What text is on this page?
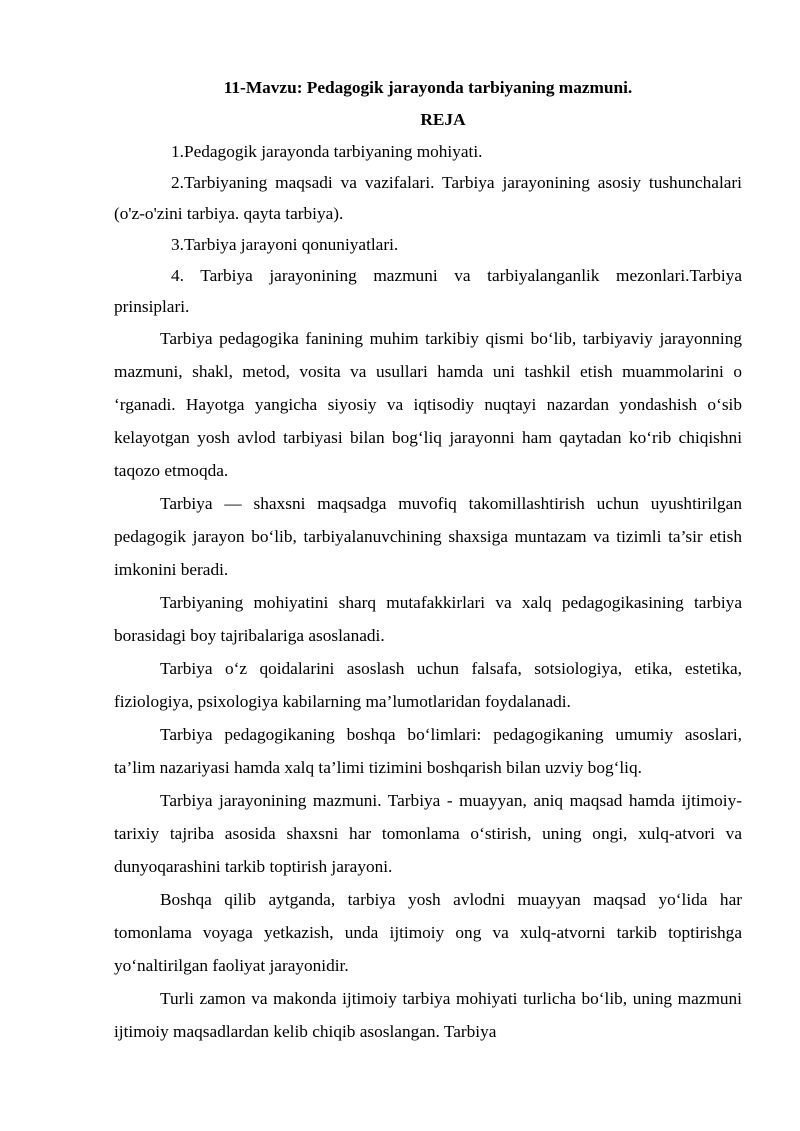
11-Mavzu: Pedagogik jarayonda tarbiyaning mazmuni.

REJA

1.Pedagogik jarayonda tarbiyaning mohiyati.

2.Tarbiyaning maqsadi va vazifalari. Tarbiya jarayonining asosiy tushunchalari (o'z-o'zini tarbiya. qayta tarbiya).

3.Tarbiya jarayoni qonuniyatlari.

4. Tarbiya jarayonining mazmuni va tarbiyalanganlik mezonlari.Tarbiya prinsiplari.

Tarbiya pedagogika fanining muhim tarkibiy qismi bo‘lib, tarbiyaviy jarayonning mazmuni, shakl, metod, vosita va usullari hamda uni tashkil etish muammolarini o ‘rganadi. Hayotga yangicha siyosiy va iqtisodiy nuqtayi nazardan yondashish o‘sib kelayotgan yosh avlod tarbiyasi bilan bog‘liq jarayonni ham qaytadan ko‘rib chiqishni taqozo etmoqda.

Tarbiya — shaxsni maqsadga muvofiq takomillashtirish uchun uyushtirilgan pedagogik jarayon bo‘lib, tarbiyalanuvchining shaxsiga muntazam va tizimli ta’sir etish imkonini beradi.

Tarbiyaning mohiyatini sharq mutafakkirlari va xalq pedagogikasining tarbiya borasidagi boy tajribalariga asoslanadi.

Tarbiya o‘z qoidalarini asoslash uchun falsafa, sotsiologiya, etika, estetika, fiziologiya, psixologiya kabilarning ma’lumotlaridan foydalanadi.

Tarbiya pedagogikaning boshqa bo‘limlari: pedagogikaning umumiy asoslari, ta’lim nazariyasi hamda xalq ta’limi tizimini boshqarish bilan uzviy bog‘liq.

Tarbiya jarayonining mazmuni. Tarbiya - muayyan, aniq maqsad hamda ijtimoiy-tarixiy tajriba asosida shaxsni har tomonlama o‘stirish, uning ongi, xulq-atvori va dunyoqarashini tarkib toptirish jarayoni.

Boshqa qilib aytganda, tarbiya yosh avlodni muayyan maqsad yo‘lida har tomonlama voyaga yetkazish, unda ijtimoiy ong va xulq-atvorni tarkib toptirishga yo‘naltirilgan faoliyat jarayonidir.

Turli zamon va makonda ijtimoiy tarbiya mohiyati turlicha bo‘lib, uning mazmuni ijtimoiy maqsadlardan kelib chiqib asoslangan. Tarbiya
